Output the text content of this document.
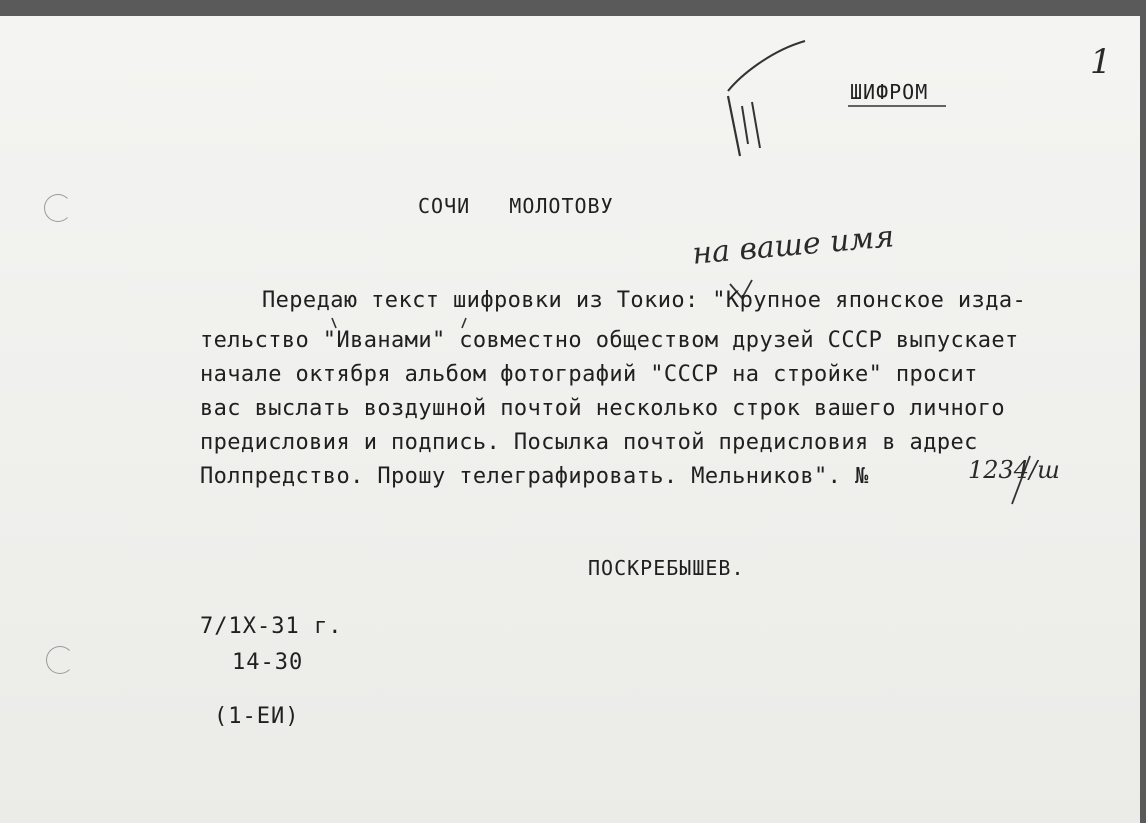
ШИФРОМ
1
СОЧИ   МОЛОТОВУ
на ваше имя
Передаю текст шифровки из Токио: "Крупное японское изда-
тельство "Иванами" совместно обществом друзей СССР выпускает
начале октября альбом фотографий "СССР на стройке" просит
вас выслать воздушной почтой несколько строк вашего личного
предисловия и подпись. Посылка почтой предисловия в адрес
Полпредство. Прошу телеграфировать. Мельников". №	1234/ш
ПОСКРЕБЫШЕВ.
7/1X-31 г.
14-30
(1-ЕИ)
